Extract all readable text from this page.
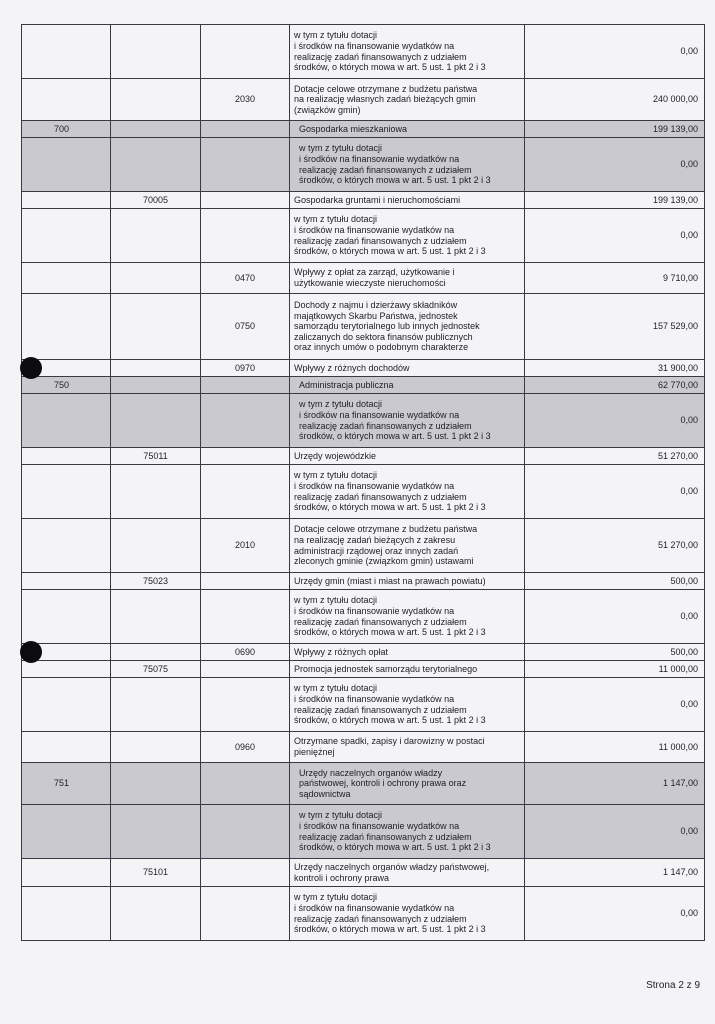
			w tym z tytułu dotacji
i środków na finansowanie wydatków na
realizację zadań finansowanych z udziałem
środków, o których mowa w art. 5 ust. 1 pkt 2 i 3	0,00
		2030	Dotacje celowe otrzymane z budżetu państwa
na realizację własnych zadań bieżących gmin
(związków gmin)	240 000,00
700			Gospodarka mieszkaniowa	199 139,00
			w tym z tytułu dotacji
i środków na finansowanie wydatków na
realizację zadań finansowanych z udziałem
środków, o których mowa w art. 5 ust. 1 pkt 2 i 3	0,00
	70005		Gospodarka gruntami i nieruchomościami	199 139,00
			w tym z tytułu dotacji
i środków na finansowanie wydatków na
realizację zadań finansowanych z udziałem
środków, o których mowa w art. 5 ust. 1 pkt 2 i 3	0,00
		0470	Wpływy z opłat za zarząd, użytkowanie i
użytkowanie wieczyste nieruchomości	9 710,00
		0750	Dochody z najmu i dzierżawy składników
majątkowych Skarbu Państwa, jednostek
samorządu terytorialnego lub innych jednostek
zaliczanych do sektora finansów publicznych
oraz innych umów o podobnym charakterze	157 529,00
		0970	Wpływy z różnych dochodów	31 900,00
750			Administracja publiczna	62 770,00
			w tym z tytułu dotacji
i środków na finansowanie wydatków na
realizację zadań finansowanych z udziałem
środków, o których mowa w art. 5 ust. 1 pkt 2 i 3	0,00
	75011		Urzędy wojewódzkie	51 270,00
			w tym z tytułu dotacji
i środków na finansowanie wydatków na
realizację zadań finansowanych z udziałem
środków, o których mowa w art. 5 ust. 1 pkt 2 i 3	0,00
		2010	Dotacje celowe otrzymane z budżetu państwa
na realizację zadań bieżących z zakresu
administracji rządowej oraz innych zadań
zleconych gminie (związkom gmin) ustawami	51 270,00
	75023		Urzędy gmin (miast i miast na prawach powiatu)	500,00
			w tym z tytułu dotacji
i środków na finansowanie wydatków na
realizację zadań finansowanych z udziałem
środków, o których mowa w art. 5 ust. 1 pkt 2 i 3	0,00
		0690	Wpływy z różnych opłat	500,00
	75075		Promocja jednostek samorządu terytorialnego	11 000,00
			w tym z tytułu dotacji
i środków na finansowanie wydatków na
realizację zadań finansowanych z udziałem
środków, o których mowa w art. 5 ust. 1 pkt 2 i 3	0,00
		0960	Otrzymane spadki, zapisy i darowizny w postaci
pieniężnej	11 000,00
751			Urzędy naczelnych organów władzy
państwowej, kontroli i ochrony prawa oraz
sądownictwa	1 147,00
			w tym z tytułu dotacji
i środków na finansowanie wydatków na
realizację zadań finansowanych z udziałem
środków, o których mowa w art. 5 ust. 1 pkt 2 i 3	0,00
	75101		Urzędy naczelnych organów władzy państwowej,
kontroli i ochrony prawa	1 147,00
			w tym z tytułu dotacji
i środków na finansowanie wydatków na
realizację zadań finansowanych z udziałem
środków, o których mowa w art. 5 ust. 1 pkt 2 i 3	0,00
Strona 2 z 9
